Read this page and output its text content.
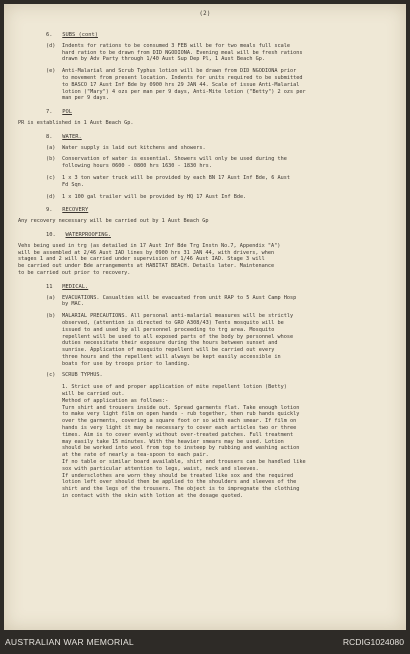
(2)
6. SUBS (cont)
(d)	Indents for rations to be consumed 3 FEB will be for two meals full scale
hard ration to be drawn from DID NGODIONA. Evening meal will be fresh rations
drawn by Adv Party through 1/40 Aust Sup Dep Pl, 1 Aust Beach Gp.
(e)	Anti-Malarial and Scrub Typhus lotion will be drawn from DID NGODIONA prior
to movement from present location. Indents for units required to be submitted
to BASCO 17 Aust Inf Bde by 0900 hrs 29 JAN 44. Scale of issue Anti-Malarial
lotion ("Mary") 4 ozs per man per 9 days, Anti-Mite lotion ("Betty") 2 ozs per
man per 9 days.
7. POL
PR is established in 1 Aust Beach Gp.
8. WATER.
(a)	Water supply is laid out kitchens and showers.
(b)	Conservation of water is essential. Showers will only be used during the
following hours 0600 - 0800 hrs 1630 - 1830 hrs.
(c)	1 x 3 ton water truck will be provided by each BN 17 Aust Inf Bde, 6 Aust
Fd Sqn.
(d)	1 x 100 gal trailer will be provided by HQ 17 Aust Inf Bde.
9. RECOVERY
Any recovery necessary will be carried out by 1 Aust Beach Gp
10. WATERPROOFING.
Vehs being used in trg (as detailed in 17 Aust Inf Bde Trg Instn No.7, Appendix "A")
will be assembled at 2/46 Aust IAD lines by 0900 hrs 31 JAN 44, with drivers, when
stages 1 and 2 will be carried under supervision of 1/46 Aust IAD. Stage 3 will
be carried out under Bde arrangements at HABITAT BEACH. Details later. Maintenance
to be carried out prior to recovery.
11 MEDICAL.
(a)	EVACUATIONS. Casualties will be evacuated from unit RAP to 5 Aust Camp Hosp
by MAC.
(b)	MALARIAL PRECAUTIONS. All personal anti-malarial measures will be strictly
observed, (attention is directed to GRO A308/43) Tents mosquito will be
issued to and used by all personnel proceeding to trg area. Mosquito
repellent will be used to all exposed parts of the body by personnel whose
duties necessitate their exposure during the hours between sunset and
sunrise. Application of mosquito repellent will be carried out every
three hours and the repellent will always be kept easily accessible in
boats for use by troops prior to landing.
(c)	SCRUB TYPHUS.
1. Strict use of and proper application of mite repellent lotion (Betty)
will be carried out.
Method of application as follows:-
Turn shirt and trousers inside out. Spread garments flat. Take enough lotion
to make very light film on open hands - rub together, then rub hands quickly
over the garments, covering a square foot or so with each smear. If film on
hands is very light it may be necessary to cover each articles two or three
times. Aim is to cover evenly without over-treated patches. Full treatment
may easily take 15 minutes. With the heavier smears may be used. Lotion
should be worked into wool from top to insteep by rubbing and washing action
at the rate of nearly a tea-spoon to each pair.
If no table or similar board available, shirt and trousers can be handled like
sox with particular attention to legs, waist, neck and sleeves.
If undersclothes are worn they should be treated like sox and the required
lotion left over should then be applied to the shoulders and sleeves of the
shirt and the legs of the trousers. The object is to impregnate the clothing
in contact with the skin with lotion at the dosage quoted.
AUSTRALIAN WAR MEMORIAL	RCDIG1024080
